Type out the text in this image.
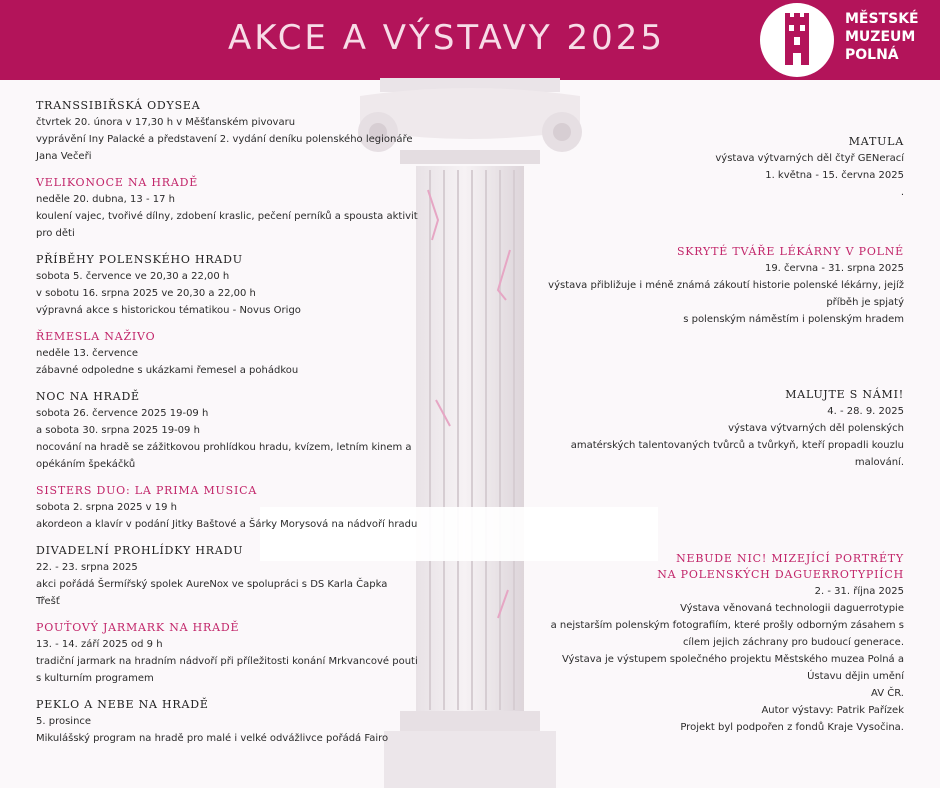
AKCE A VÝSTAVY 2025	MĚSTSKÉ
MUZEUM
POLNÁ
TRANSSIBIŘSKÁ ODYSEA
čtvrtek 20. února v 17,30 h v Měšťanském pivovaru
vyprávění Iny Palacké a představení 2. vydání deníku polenského legionáře
Jana Večeři
VELIKONOCE NA HRADĚ
neděle 20. dubna, 13 - 17 h
koulení vajec, tvořivé dílny, zdobení kraslic, pečení perníků a spousta aktivit
pro děti
PŘÍBĚHY POLENSKÉHO HRADU
sobota 5. července ve 20,30 a 22,00 h
v sobotu 16. srpna 2025 ve 20,30 a 22,00 h
výpravná akce s historickou tématikou - Novus Origo
ŘEMESLA NAŽIVO
neděle 13. července
zábavné odpoledne s ukázkami řemesel a pohádkou
NOC NA HRADĚ
sobota 26. července 2025 19-09 h
a sobota 30. srpna 2025 19-09 h
nocování na hradě se zážitkovou prohlídkou hradu, kvízem, letním kinem a
opékáním špekáčků
SISTERS DUO: LA PRIMA MUSICA
sobota 2. srpna 2025 v 19 h
akordeon a klavír v podání Jitky Baštové a Šárky Morysová na nádvoří hradu
DIVADELNÍ PROHLÍDKY HRADU
22. - 23. srpna 2025
akci pořádá Šermířský spolek AureNox ve spolupráci s DS Karla Čapka
Třešť
POUŤOVÝ JARMARK NA HRADĚ
13. - 14. září 2025 od 9 h
tradiční jarmark na hradním nádvoří při příležitosti konání Mrkvancové pouti
s kulturním programem
PEKLO A NEBE NA HRADĚ
5. prosince
Mikulášský program na hradě pro malé i velké odvážlivce pořádá Fairo
MATULA
výstava výtvarných děl čtyř GENerací
1. května - 15. června 2025
.
SKRYTÉ TVÁŘE LÉKÁRNY V POLNÉ
19. června - 31. srpna 2025
výstava přibližuje i méně známá zákoutí historie polenské lékárny, jejíž
příběh je spjatý
s polenským náměstím i polenským hradem
MALUJTE S NÁMI!
4. - 28. 9. 2025
výstava výtvarných děl polenských
amatérských talentovaných tvůrců a tvůrkyň, kteří propadli kouzlu
malování.
NEBUDE NIC! MIZEJÍCÍ PORTRÉTY
NA POLENSKÝCH DAGUERROTYPIÍCH
2. - 31. října 2025
Výstava věnovaná technologii daguerrotypie
a nejstarším polenským fotografiím, které prošly odborným zásahem s
cílem jejich záchrany pro budoucí generace.
Výstava je výstupem společného projektu Městského muzea Polná a
Ústavu dějin umění
AV ČR.
Autor výstavy: Patrik Pařízek
Projekt byl podpořen z fondů Kraje Vysočina.
